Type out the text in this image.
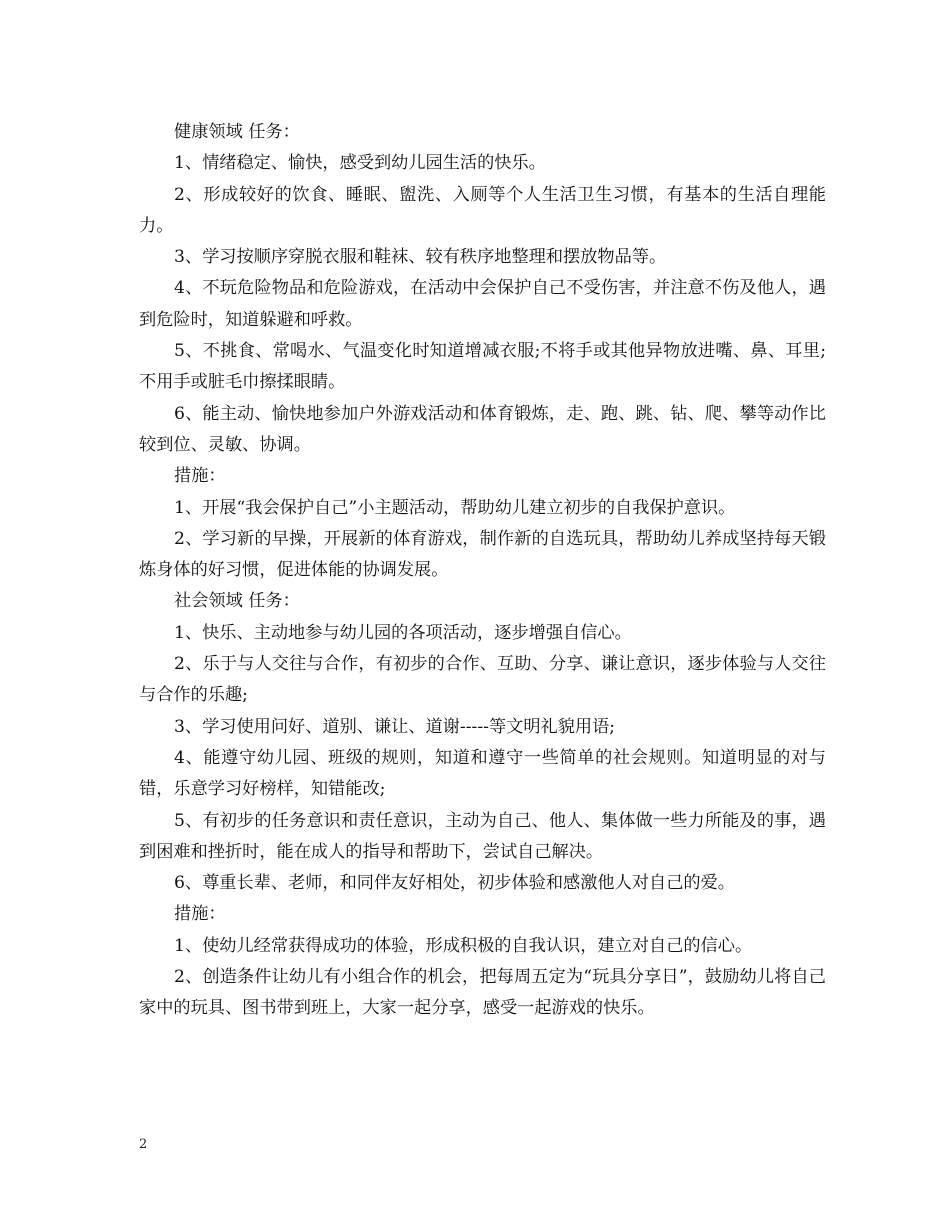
健康领域 任务：

1、情绪稳定、愉快，感受到幼儿园生活的快乐。

2、形成较好的饮食、睡眠、盥洗、入厕等个人生活卫生习惯，有基本的生活自理能力。

3、学习按顺序穿脱衣服和鞋袜、较有秩序地整理和摆放物品等。

4、不玩危险物品和危险游戏，在活动中会保护自己不受伤害，并注意不伤及他人，遇到危险时，知道躲避和呼救。

5、不挑食、常喝水、气温变化时知道增减衣服;不将手或其他异物放进嘴、鼻、耳里;不用手或脏毛巾擦揉眼睛。

6、能主动、愉快地参加户外游戏活动和体育锻炼，走、跑、跳、钻、爬、攀等动作比较到位、灵敏、协调。

措施：

1、开展“我会保护自己”小主题活动，帮助幼儿建立初步的自我保护意识。

2、学习新的早操，开展新的体育游戏，制作新的自选玩具，帮助幼儿养成坚持每天锻炼身体的好习惯，促进体能的协调发展。

社会领域 任务：

1、快乐、主动地参与幼儿园的各项活动，逐步增强自信心。

2、乐于与人交往与合作，有初步的合作、互助、分享、谦让意识，逐步体验与人交往与合作的乐趣;

3、学习使用问好、道别、谦让、道谢-----等文明礼貌用语;

4、能遵守幼儿园、班级的规则，知道和遵守一些简单的社会规则。知道明显的对与错，乐意学习好榜样，知错能改;

5、有初步的任务意识和责任意识，主动为自己、他人、集体做一些力所能及的事，遇到困难和挫折时，能在成人的指导和帮助下，尝试自己解决。

6、尊重长辈、老师，和同伴友好相处，初步体验和感激他人对自己的爱。

措施：

1、使幼儿经常获得成功的体验，形成积极的自我认识，建立对自己的信心。

2、创造条件让幼儿有小组合作的机会，把每周五定为“玩具分享日”，鼓励幼儿将自己家中的玩具、图书带到班上，大家一起分享，感受一起游戏的快乐。

2
